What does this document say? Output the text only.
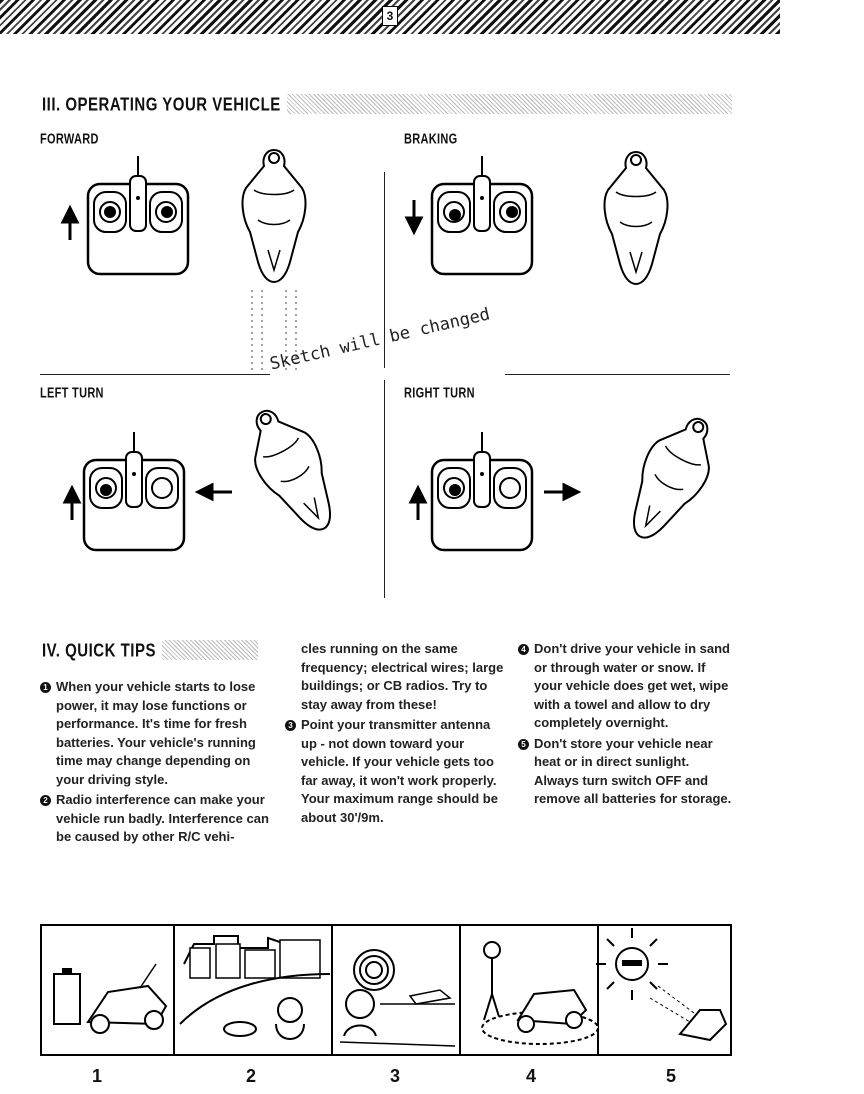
3
III. OPERATING YOUR VEHICLE
FORWARD	BRAKING
LEFT TURN	RIGHT TURN
Sketch will be changed
IV. QUICK TIPS

1 When your vehicle starts to lose power, it may lose functions or performance. It's time for fresh batteries. Your vehicle's running time may change depending on your driving style.

2 Radio interference can make your vehicle run badly. Interference can be caused by other R/C vehi-

cles running on the same frequency; electrical wires; large buildings; or CB radios. Try to stay away from these!

3 Point your transmitter antenna up - not down toward your vehicle. If your vehicle gets too far away, it won't work properly. Your maximum range should be about 30'/9m.

4 Don't drive your vehicle in sand or through water or snow. If your vehicle does get wet, wipe with a towel and allow to dry completely overnight.

5 Don't store your vehicle near heat or in direct sunlight. Always turn switch OFF and remove all batteries for storage.

1	2	3	4	5
